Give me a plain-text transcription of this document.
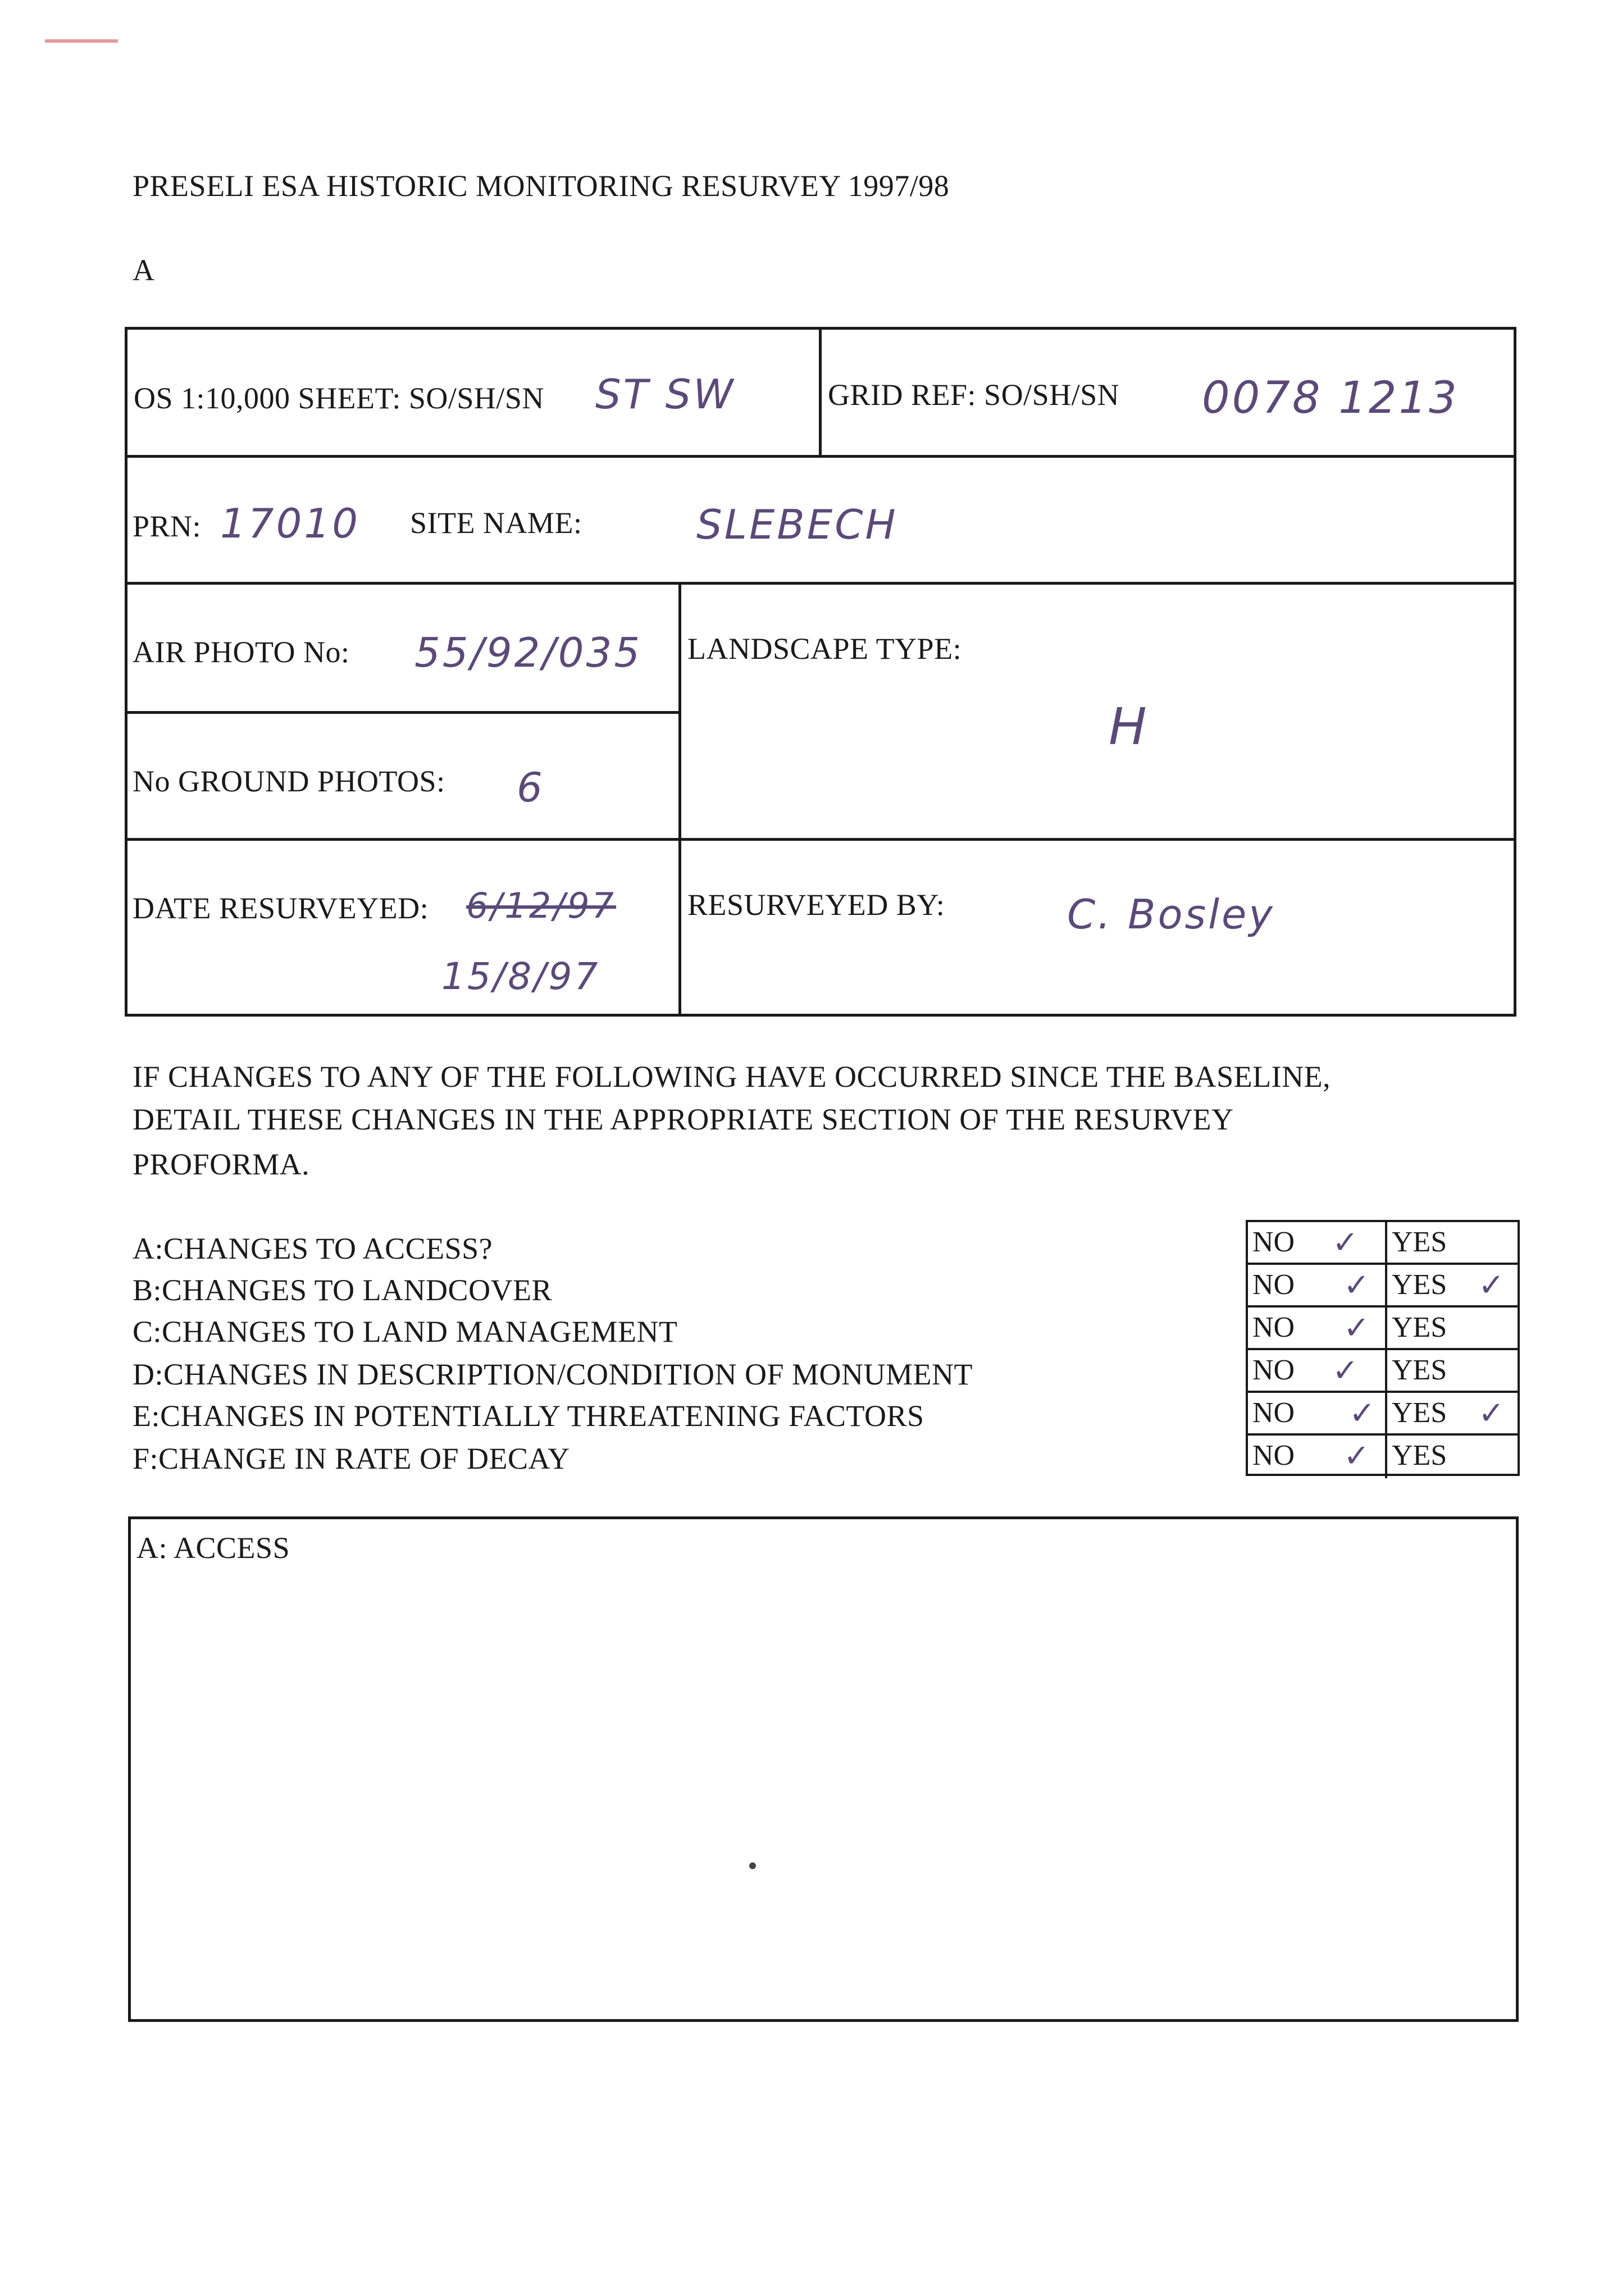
PRESELI ESA HISTORIC MONITORING RESURVEY 1997/98
A
OS 1:10,000 SHEET: SO/SH/SN ST SW	GRID REF: SO/SH/SN 0078 1213
PRN: 17010 SITE NAME:	SLEBECH
AIR PHOTO No: 55/92/035 LANDSCAPE TYPE:
H
No GROUND PHOTOS: 6
DATE RESURVEYED: 6/12/97
15/8/97
RESURVEYED BY:	C. Bosley
IF CHANGES TO ANY OF THE FOLLOWING HAVE OCCURRED SINCE THE BASELINE,
DETAIL THESE CHANGES IN THE APPROPRIATE SECTION OF THE RESURVEY
PROFORMA.
A:CHANGES TO ACCESS?
B:CHANGES TO LANDCOVER
C:CHANGES TO LAND MANAGEMENT
D:CHANGES IN DESCRIPTION/CONDITION OF MONUMENT
E:CHANGES IN POTENTIALLY THREATENING FACTORS
F:CHANGE IN RATE OF DECAY
NO ✓ YES
NO ✓ YES ✓
NO ✓ YES
NO ✓ YES
NO ✓ YES ✓
NO ✓ YES
A: ACCESS
